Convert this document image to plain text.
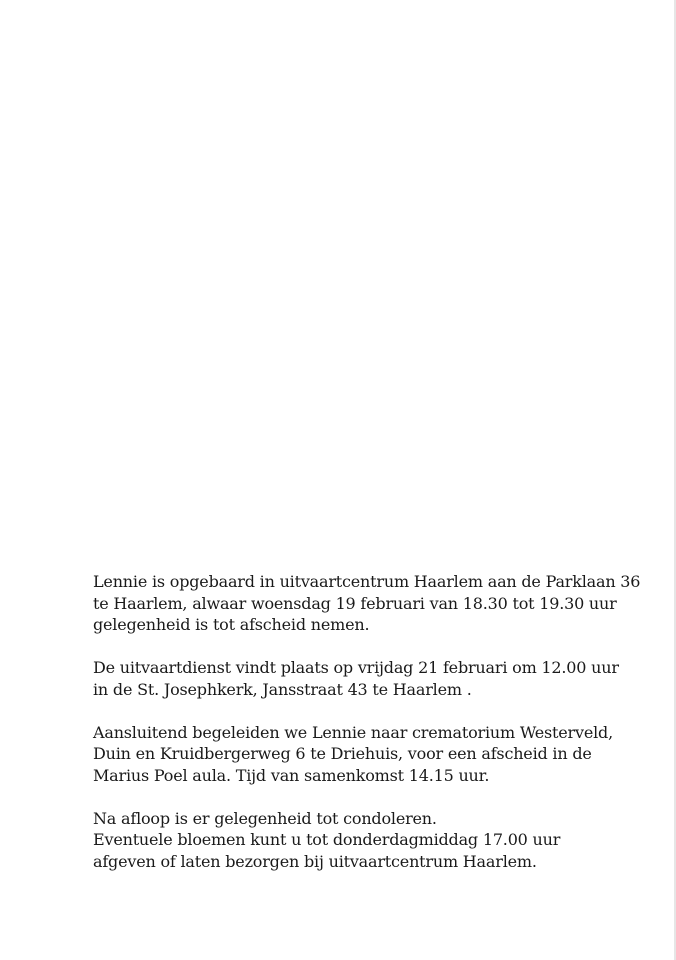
Lennie is opgebaard in uitvaartcentrum Haarlem aan de Parklaan 36
te Haarlem, alwaar woensdag 19 februari van 18.30 tot 19.30 uur
gelegenheid is tot afscheid nemen.

De uitvaartdienst vindt plaats op vrijdag 21 februari om 12.00 uur
in de St. Josephkerk, Jansstraat 43 te Haarlem .

Aansluitend begeleiden we Lennie naar crematorium Westerveld,
Duin en Kruidbergerweg 6 te Driehuis, voor een afscheid in de
Marius Poel aula. Tijd van samenkomst 14.15 uur.

Na afloop is er gelegenheid tot condoleren.
Eventuele bloemen kunt u tot donderdagmiddag 17.00 uur
afgeven of laten bezorgen bij uitvaartcentrum Haarlem.
